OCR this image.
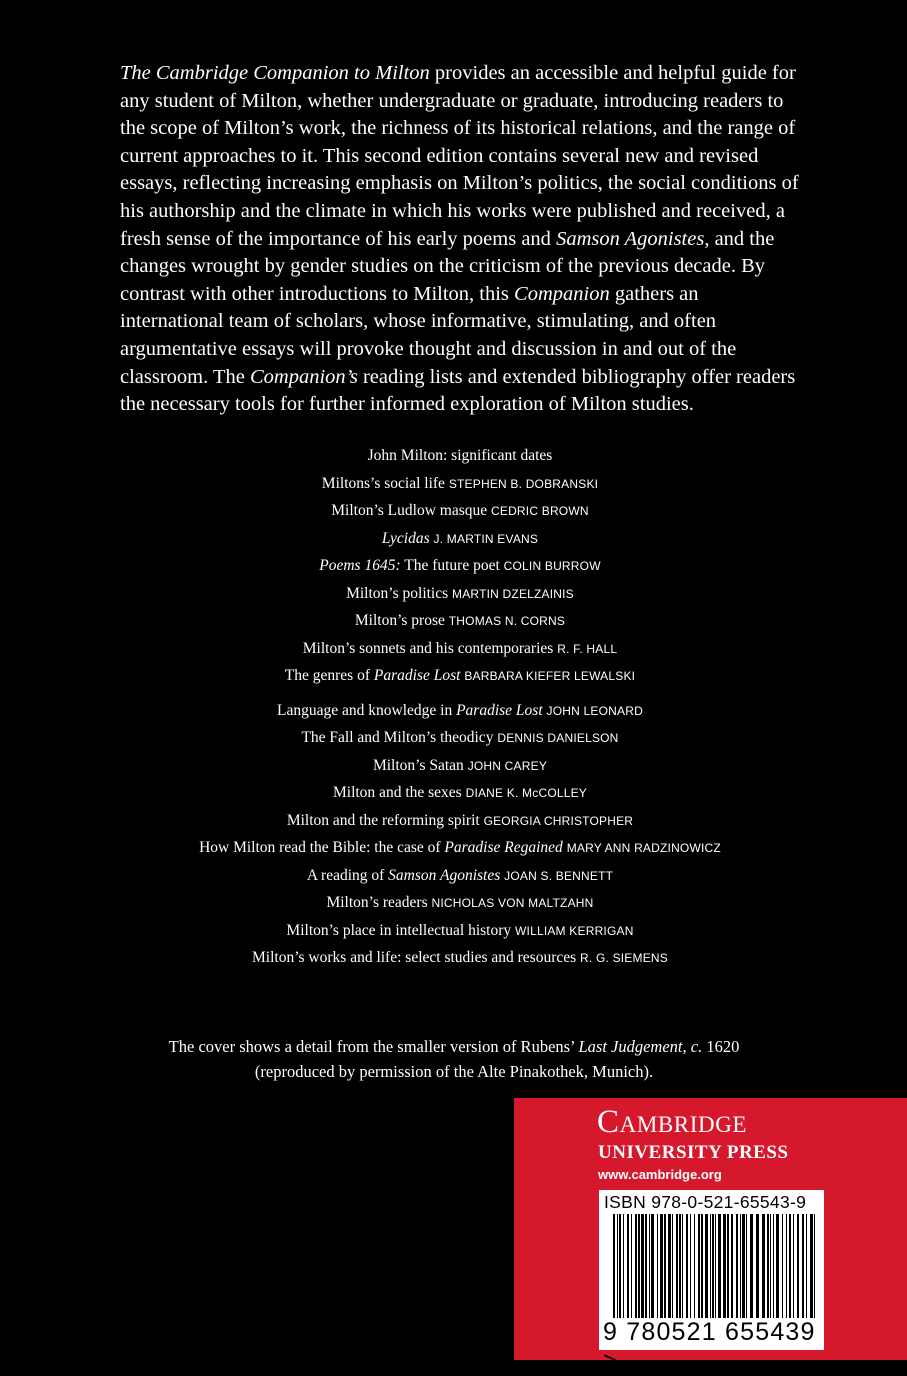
The Cambridge Companion to Milton provides an accessible and helpful guide for any student of Milton, whether undergraduate or graduate, introducing readers to the scope of Milton’s work, the richness of its historical relations, and the range of current approaches to it. This second edition contains several new and revised essays, reflecting increasing emphasis on Milton’s politics, the social conditions of his authorship and the climate in which his works were published and received, a fresh sense of the importance of his early poems and Samson Agonistes, and the changes wrought by gender studies on the criticism of the previous decade. By contrast with other introductions to Milton, this Companion gathers an international team of scholars, whose informative, stimulating, and often argumentative essays will provoke thought and discussion in and out of the classroom. The Companion’s reading lists and extended bibliography offer readers the necessary tools for further informed exploration of Milton studies.

John Milton: significant dates
Miltons’s social life STEPHEN B. DOBRANSKI
Milton’s Ludlow masque CEDRIC BROWN
Lycidas J. MARTIN EVANS
Poems 1645: The future poet COLIN BURROW
Milton’s politics MARTIN DZELZAINIS
Milton’s prose THOMAS N. CORNS
Milton’s sonnets and his contemporaries R. F. HALL
The genres of Paradise Lost BARBARA KIEFER LEWALSKI
Language and knowledge in Paradise Lost JOHN LEONARD
The Fall and Milton’s theodicy DENNIS DANIELSON
Milton’s Satan JOHN CAREY
Milton and the sexes DIANE K. McCOLLEY
Milton and the reforming spirit GEORGIA CHRISTOPHER
How Milton read the Bible: the case of Paradise Regained MARY ANN RADZINOWICZ
A reading of Samson Agonistes JOAN S. BENNETT
Milton’s readers NICHOLAS VON MALTZAHN
Milton’s place in intellectual history WILLIAM KERRIGAN
Milton’s works and life: select studies and resources R. G. SIEMENS

The cover shows a detail from the smaller version of Rubens’ Last Judgement, c. 1620
(reproduced by permission of the Alte Pinakothek, Munich).

Cambridge
UNIVERSITY PRESS
www.cambridge.org
ISBN 978-0-521-65543-9
9 780521 655439 >
